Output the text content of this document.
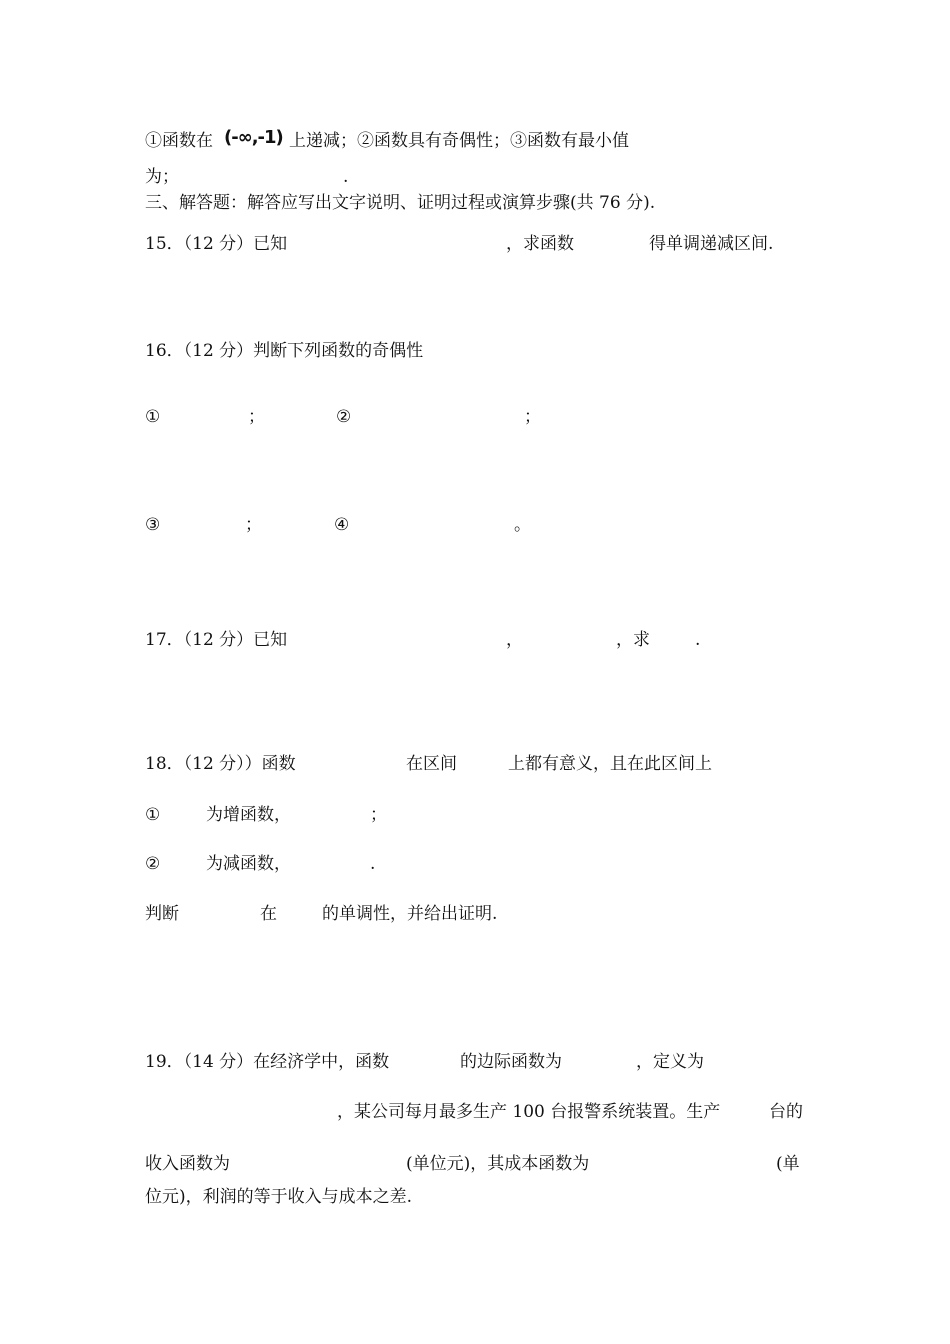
①函数在 (-∞,-1) 上递减；②函数具有奇偶性；③函数有最小值
为；	.
三、解答题：解答应写出文字说明、证明过程或演算步骤(共 76 分).
15．（12 分）已知	，求函数	得单调递减区间.
16．（12 分）判断下列函数的奇偶性
①	；	②	；
③	；	④	。
17．（12 分）已知	，	，求	.
18．（12 分））函数	在区间	上都有意义，且在此区间上
①	为增函数，	；
②	为减函数，	.
判断	在	的单调性，并给出证明.
19．（14 分）在经济学中，函数	的边际函数为	，定义为
，某公司每月最多生产 100 台报警系统装置。生产	台的
收入函数为	(单位元)，其成本函数为	(单
位元)，利润的等于收入与成本之差.
